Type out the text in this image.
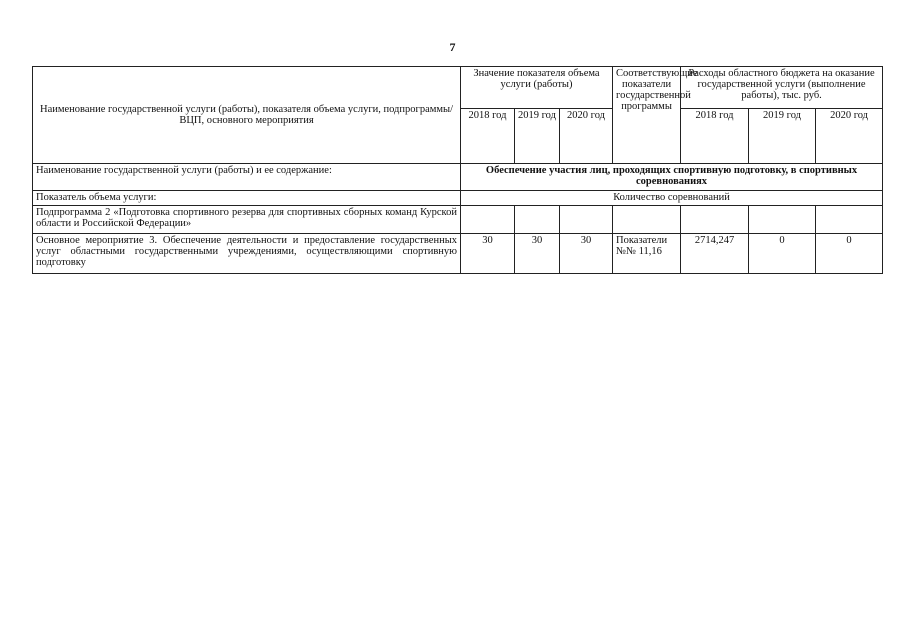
7
Наименование государственной услуги (работы), показателя объема услуги, подпрограммы/ВЦП, основного мероприятия	Значение показателя объема услуги (работы)			Соответствующие показатели государственной программы	Расходы областного бюджета на оказание государственной услуги (выполнение работы), тыс. руб.		
	2018 год	2019 год	2020 год		2018 год	2019 год	2020 год
Наименование государственной услуги (работы) и ее содержание:	Обеспечение участия лиц, проходящих спортивную подготовку, в спортивных соревнованиях						
Показатель объема услуги:	Количество соревнований						
Подпрограмма 2 «Подготовка спортивного резерва для спортивных сборных команд Курской области и Российской Федерации»							
Основное мероприятие 3. Обеспечение деятельности и предоставление государственных услуг областными государственными учреждениями, осуществляющими спортивную подготовку	30	30	30	Показатели №№ 11,16	2714,247	0	0
